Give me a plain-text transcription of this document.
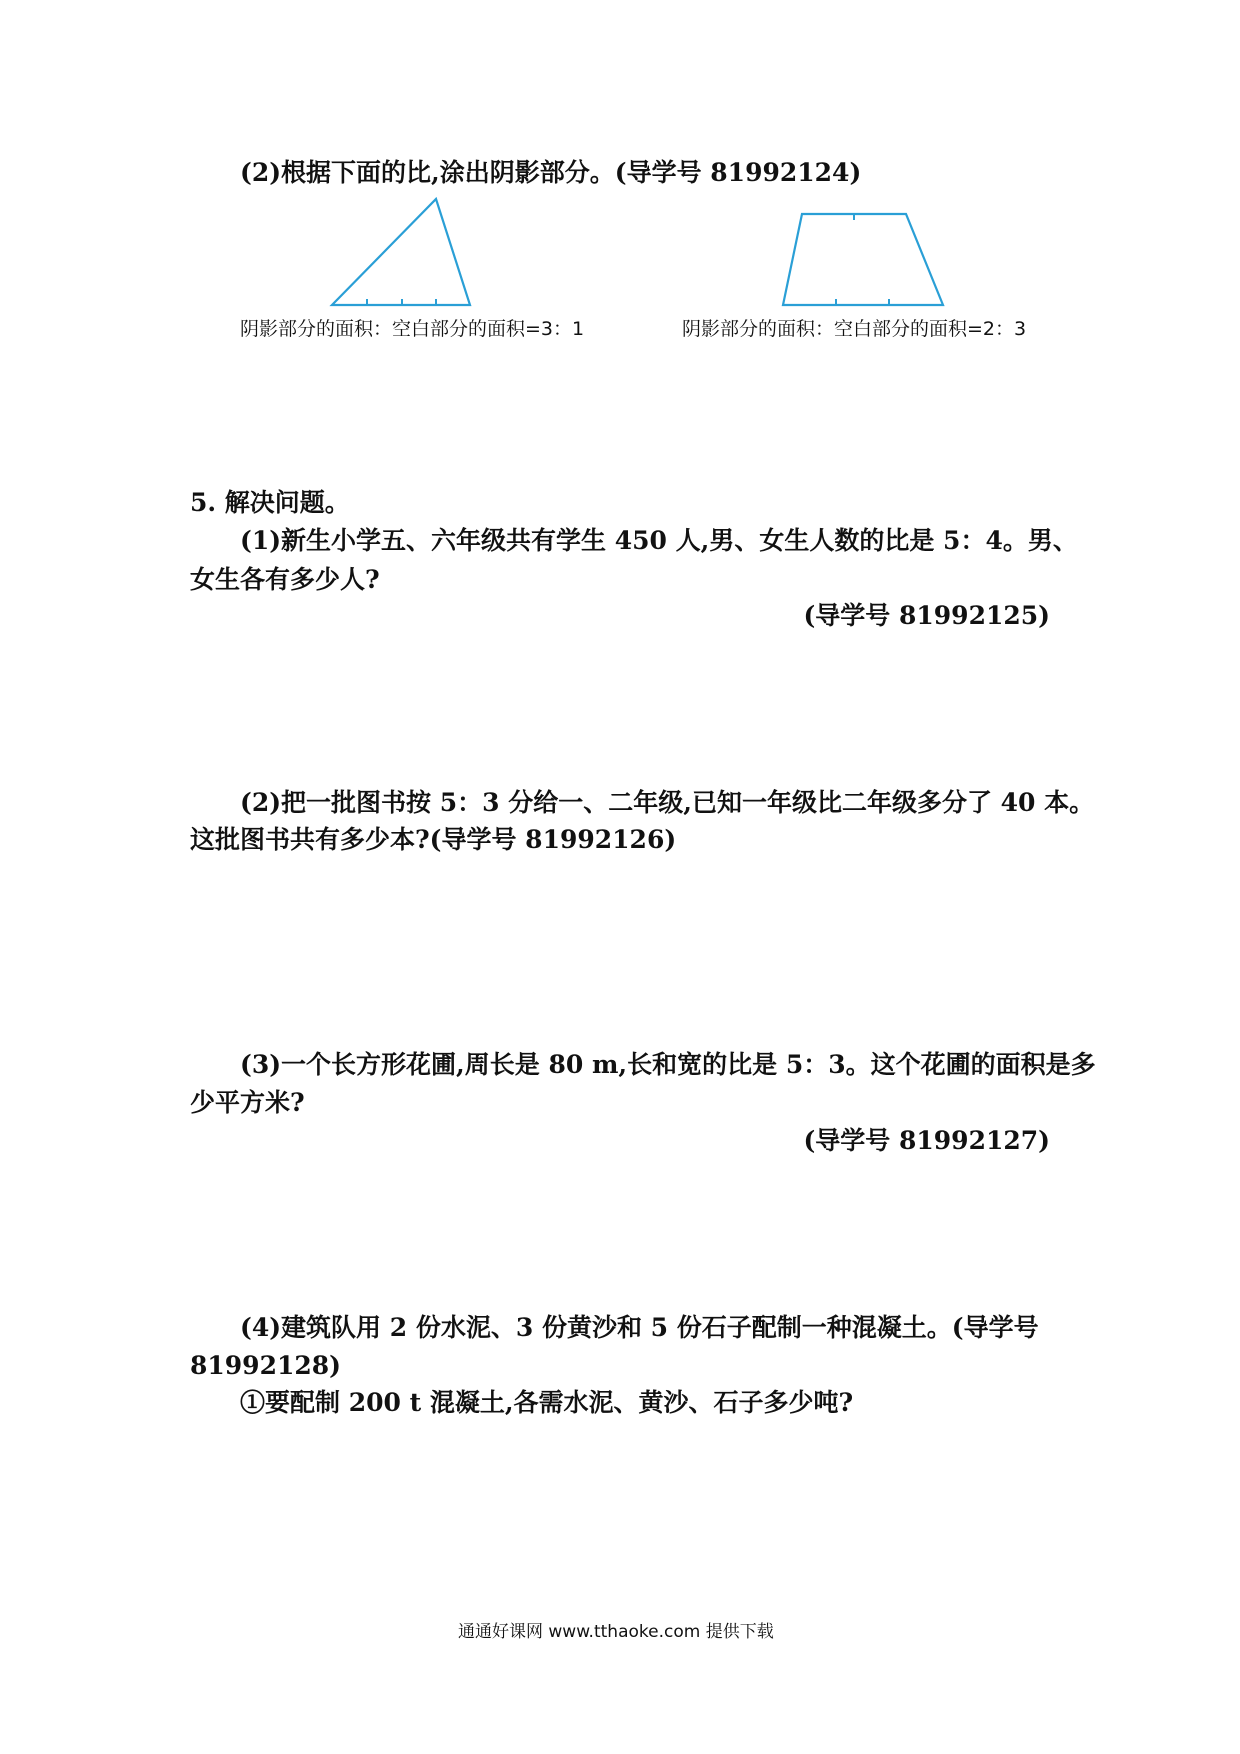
(2)根据下面的比,涂出阴影部分。(导学号 81992124)
阴影部分的面积：空白部分的面积=3：1	阴影部分的面积：空白部分的面积=2：3
5. 解决问题。
(1)新生小学五、六年级共有学生 450 人,男、女生人数的比是 5：4。男、
女生各有多少人?
(导学号 81992125)
(2)把一批图书按 5：3 分给一、二年级,已知一年级比二年级多分了 40 本。
这批图书共有多少本?(导学号 81992126)
(3)一个长方形花圃,周长是 80 m,长和宽的比是 5：3。这个花圃的面积是多
少平方米?
(导学号 81992127)
(4)建筑队用 2 份水泥、3 份黄沙和 5 份石子配制一种混凝土。(导学号
81992128)
①要配制 200 t 混凝土,各需水泥、黄沙、石子多少吨?
通通好课网 www.tthaoke.com 提供下载
